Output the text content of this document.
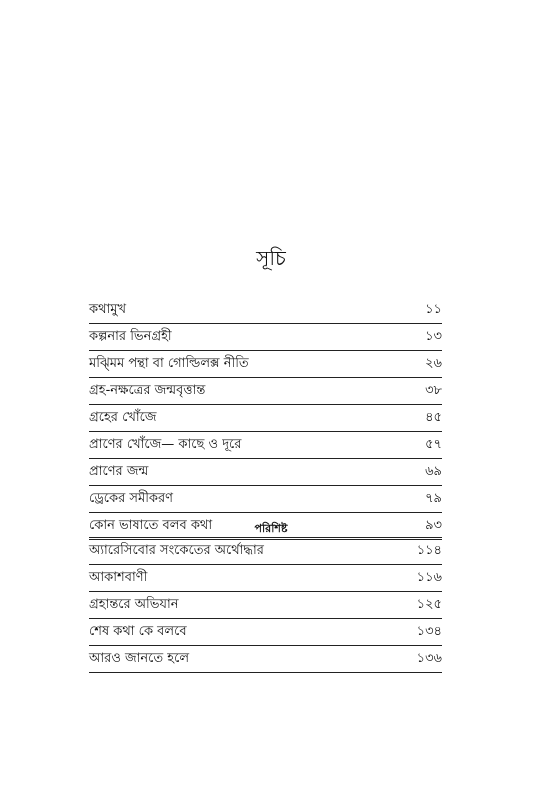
সূচি
কথামুখ	১১
কল্পনার ভিনগ্রহী	১৩
মঝ্মিম পন্থা বা গোল্ডিলক্স নীতি	২৬
গ্রহ-নক্ষত্রের জন্মবৃত্তান্ত	৩৮
গ্রহের খোঁজে	৪৫
প্রাণের খোঁজে— কাছে ও দূরে	৫৭
প্রাণের জন্ম	৬৯
ড্রেকের সমীকরণ	৭৯
কোন ভাষাতে বলব কথা	৯৩
পরিশিষ্ট
অ্যারেসিবোর সংকেতের অর্থোদ্ধার	১১৪
আকাশবাণী	১১৬
গ্রহান্তরে অভিযান	১২৫
শেষ কথা কে বলবে	১৩৪
আরও জানতে হলে	১৩৬
